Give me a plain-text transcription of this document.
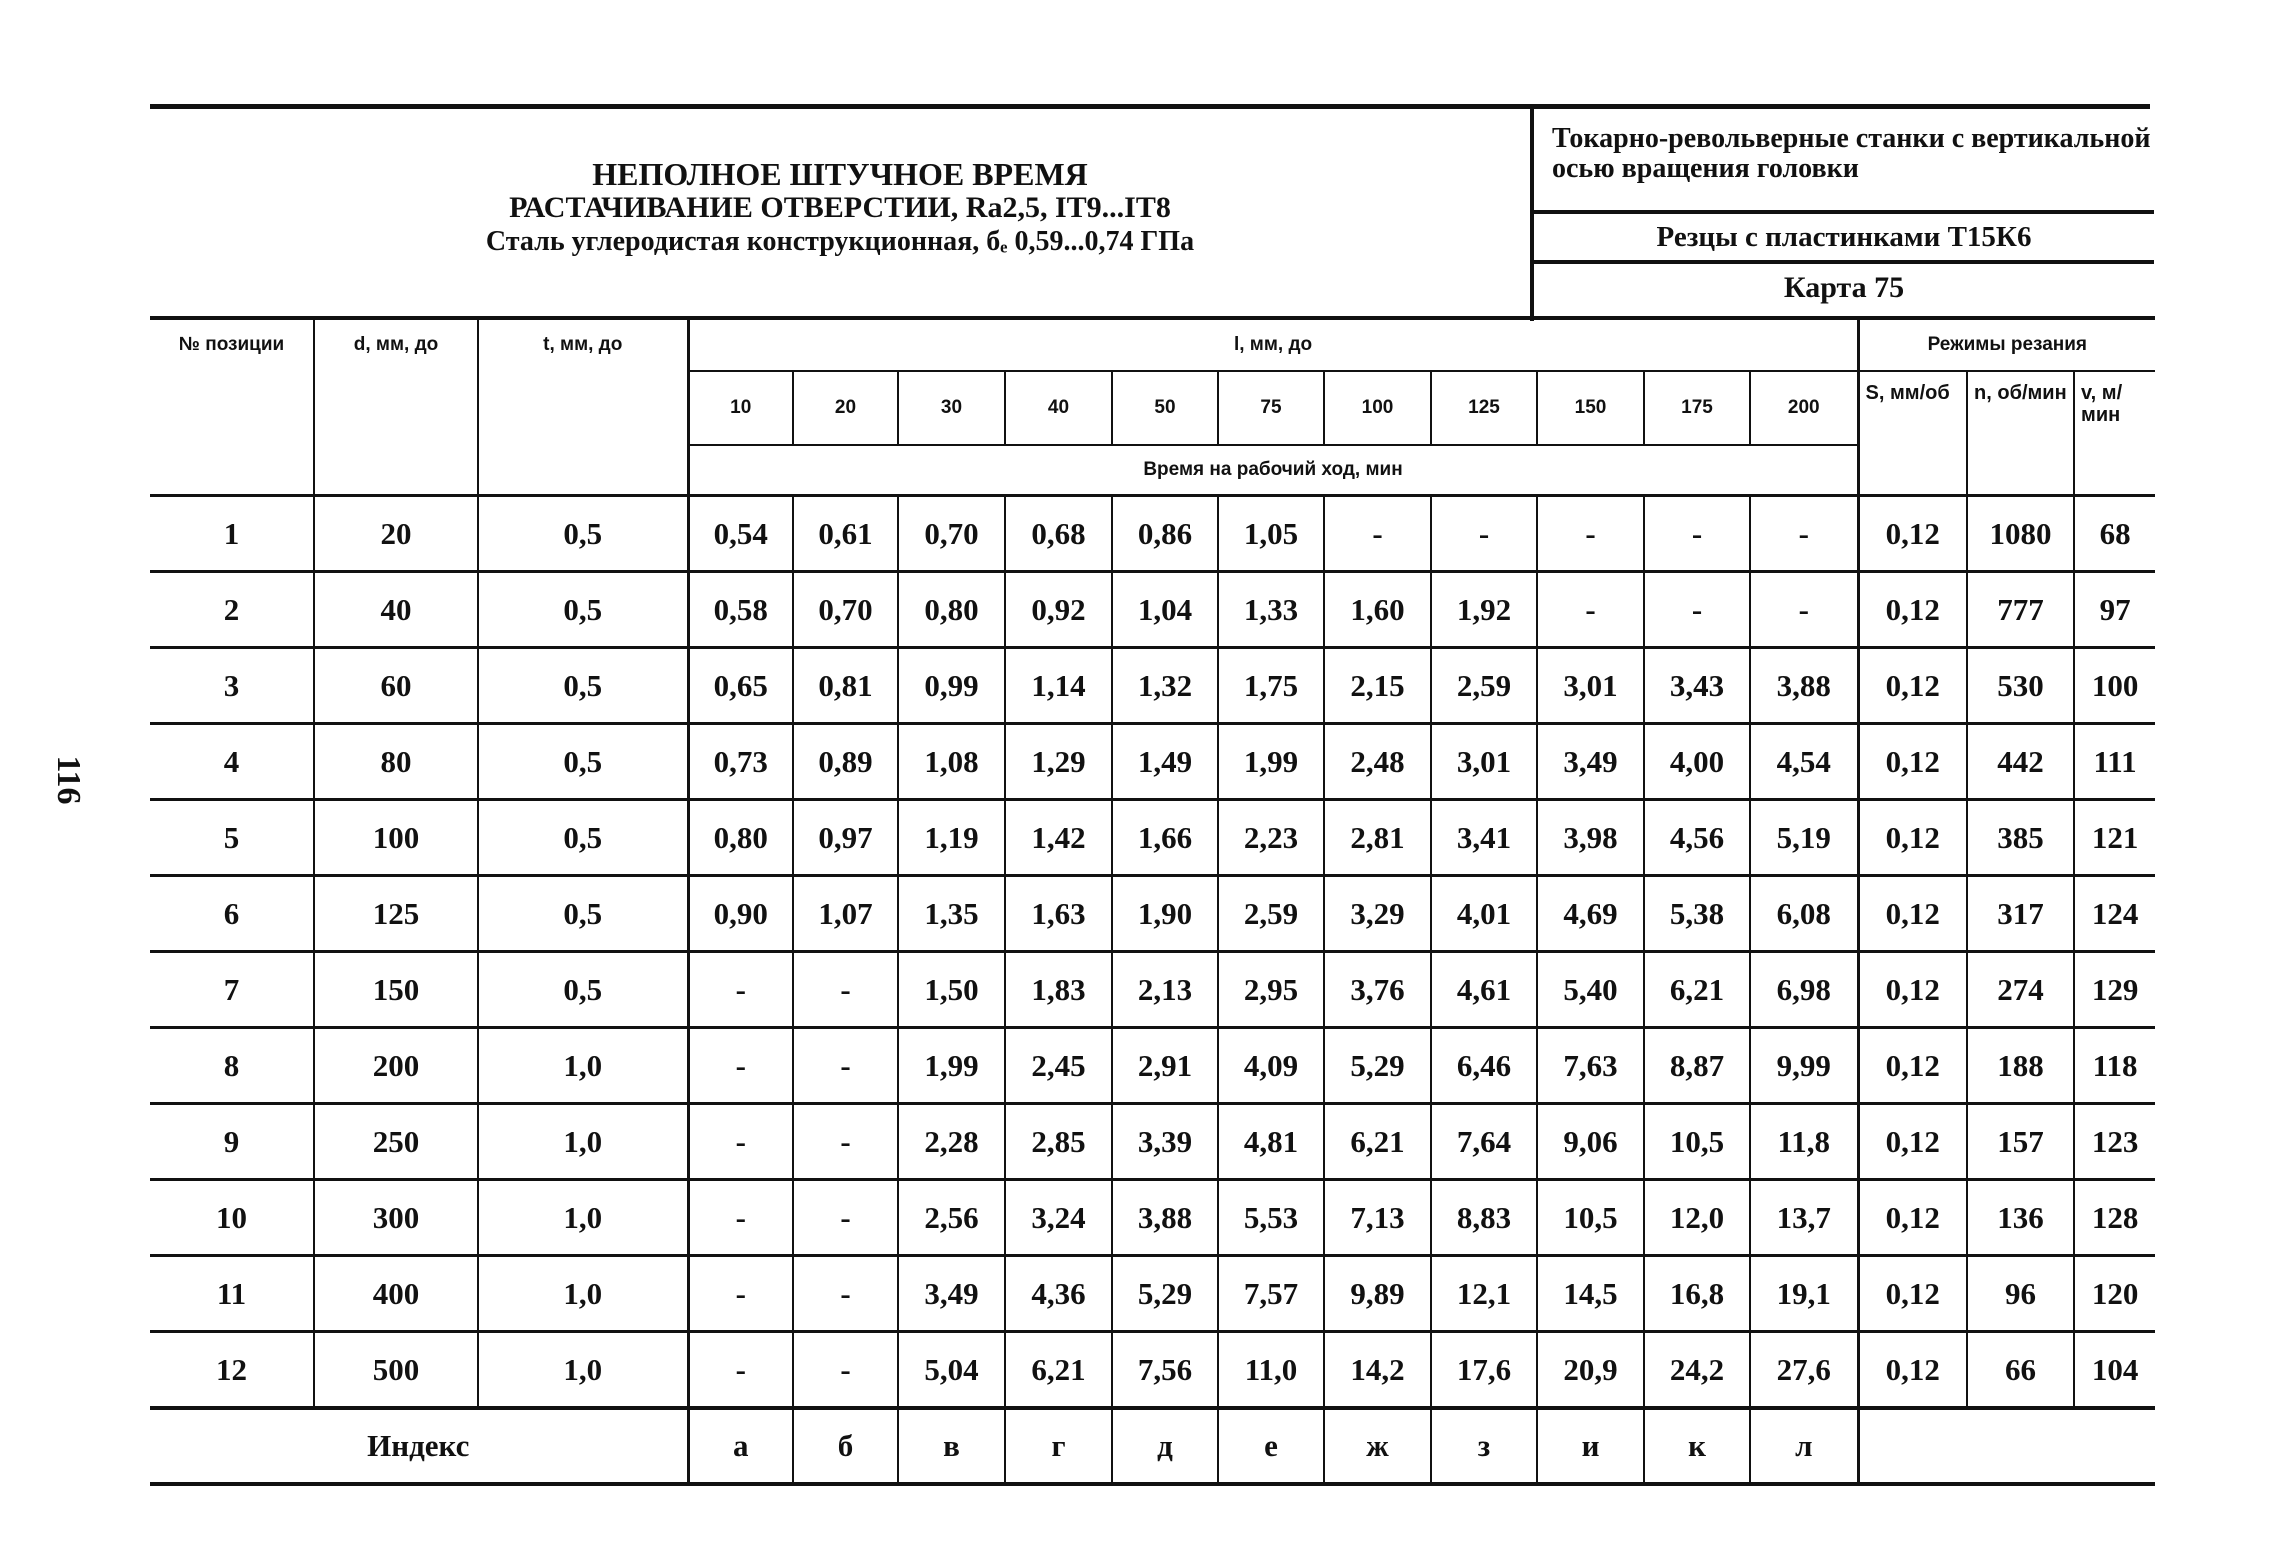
116
НЕПОЛНОЕ ШТУЧНОЕ ВРЕМЯ
РАСТАЧИВАНИЕ ОТВЕРСТИИ, Ra2,5, IT9...IT8
Сталь углеродистая конструкционная, бₑ 0,59...0,74 ГПа
Токарно-револьверные станки с вертикальной осью вращения головки
Резцы с пластинками Т15К6
Карта 75
№ позиции	d, мм, до	t, мм, до	l, мм, до											Режимы резания		
			10	20	30	40	50	75	100	125	150	175	200	S, мм/об	n, об/мин	v, м/мин
			Время на рабочий ход, мин													
1	20	0,5	0,54	0,61	0,70	0,68	0,86	1,05	-	-	-	-	-	0,12	1080	68
2	40	0,5	0,58	0,70	0,80	0,92	1,04	1,33	1,60	1,92	-	-	-	0,12	777	97
3	60	0,5	0,65	0,81	0,99	1,14	1,32	1,75	2,15	2,59	3,01	3,43	3,88	0,12	530	100
4	80	0,5	0,73	0,89	1,08	1,29	1,49	1,99	2,48	3,01	3,49	4,00	4,54	0,12	442	111
5	100	0,5	0,80	0,97	1,19	1,42	1,66	2,23	2,81	3,41	3,98	4,56	5,19	0,12	385	121
6	125	0,5	0,90	1,07	1,35	1,63	1,90	2,59	3,29	4,01	4,69	5,38	6,08	0,12	317	124
7	150	0,5	-	-	1,50	1,83	2,13	2,95	3,76	4,61	5,40	6,21	6,98	0,12	274	129
8	200	1,0	-	-	1,99	2,45	2,91	4,09	5,29	6,46	7,63	8,87	9,99	0,12	188	118
9	250	1,0	-	-	2,28	2,85	3,39	4,81	6,21	7,64	9,06	10,5	11,8	0,12	157	123
10	300	1,0	-	-	2,56	3,24	3,88	5,53	7,13	8,83	10,5	12,0	13,7	0,12	136	128
11	400	1,0	-	-	3,49	4,36	5,29	7,57	9,89	12,1	14,5	16,8	19,1	0,12	96	120
12	500	1,0	-	-	5,04	6,21	7,56	11,0	14,2	17,6	20,9	24,2	27,6	0,12	66	104
Индекс			а	б	в	г	д	е	ж	з	и	к	л			
